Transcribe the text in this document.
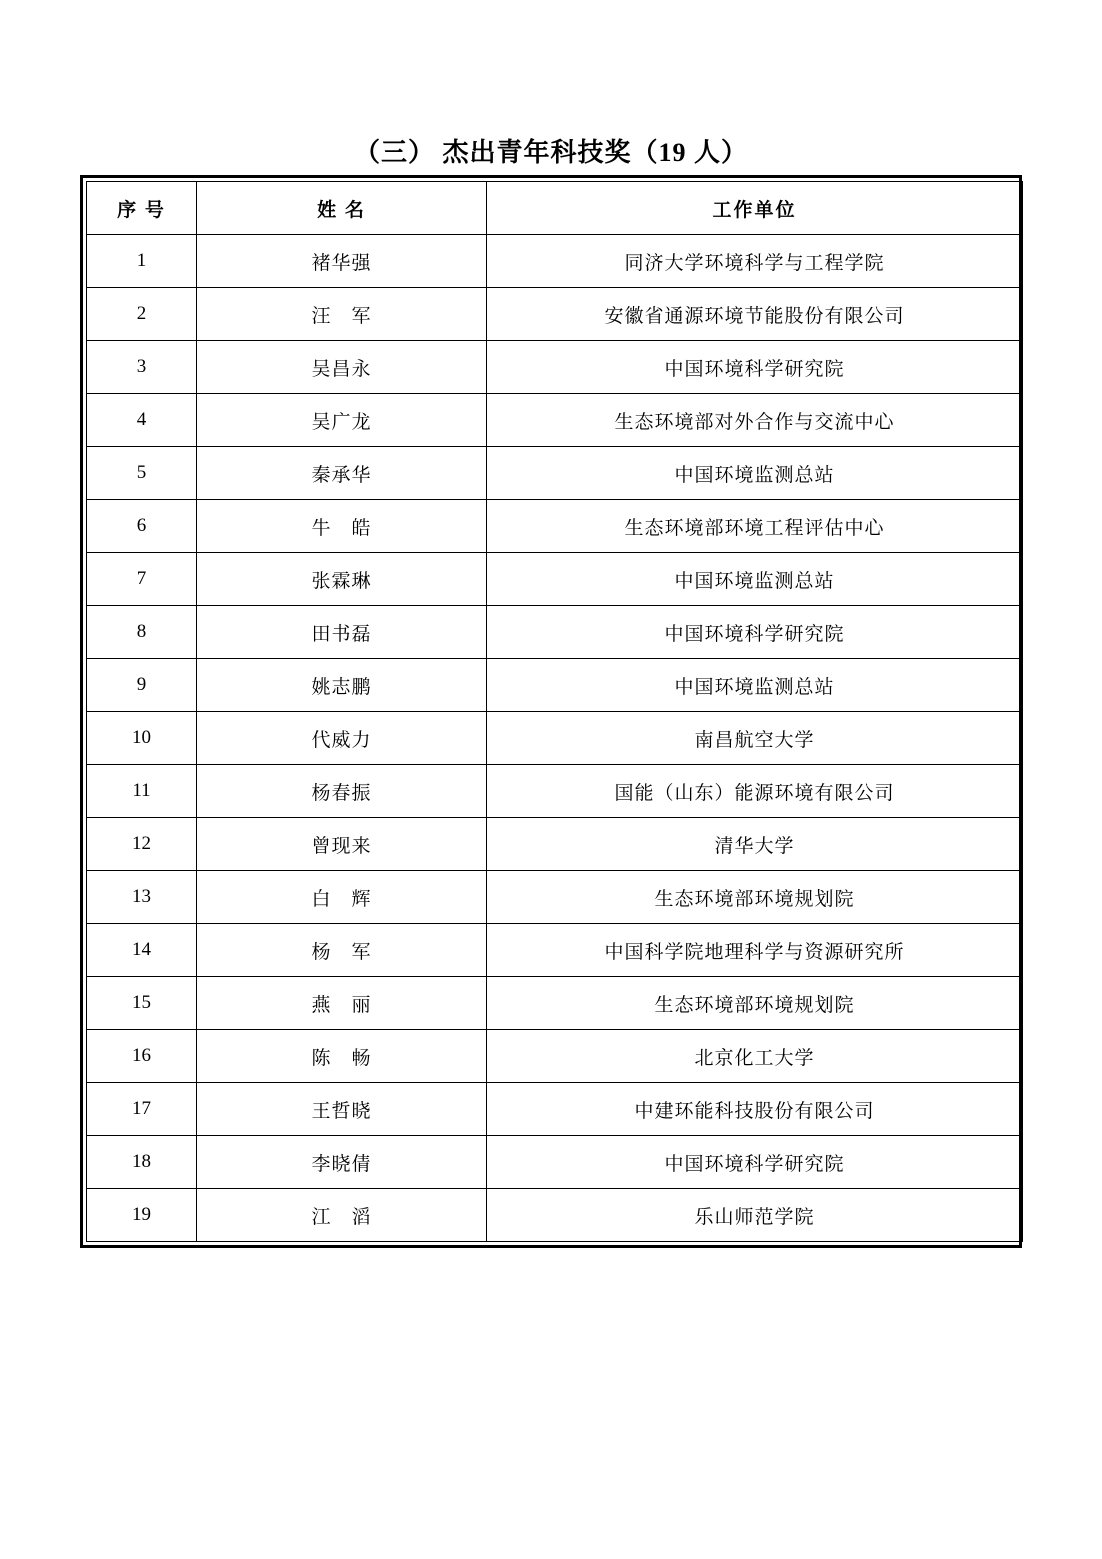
（三） 杰出青年科技奖（19 人）
序 号	姓 名	工作单位
1	褚华强	同济大学环境科学与工程学院
2	汪　军	安徽省通源环境节能股份有限公司
3	吴昌永	中国环境科学研究院
4	吴广龙	生态环境部对外合作与交流中心
5	秦承华	中国环境监测总站
6	牛　皓	生态环境部环境工程评估中心
7	张霖琳	中国环境监测总站
8	田书磊	中国环境科学研究院
9	姚志鹏	中国环境监测总站
10	代威力	南昌航空大学
11	杨春振	国能（山东）能源环境有限公司
12	曾现来	清华大学
13	白　辉	生态环境部环境规划院
14	杨　军	中国科学院地理科学与资源研究所
15	燕　丽	生态环境部环境规划院
16	陈　畅	北京化工大学
17	王哲晓	中建环能科技股份有限公司
18	李晓倩	中国环境科学研究院
19	江　滔	乐山师范学院
